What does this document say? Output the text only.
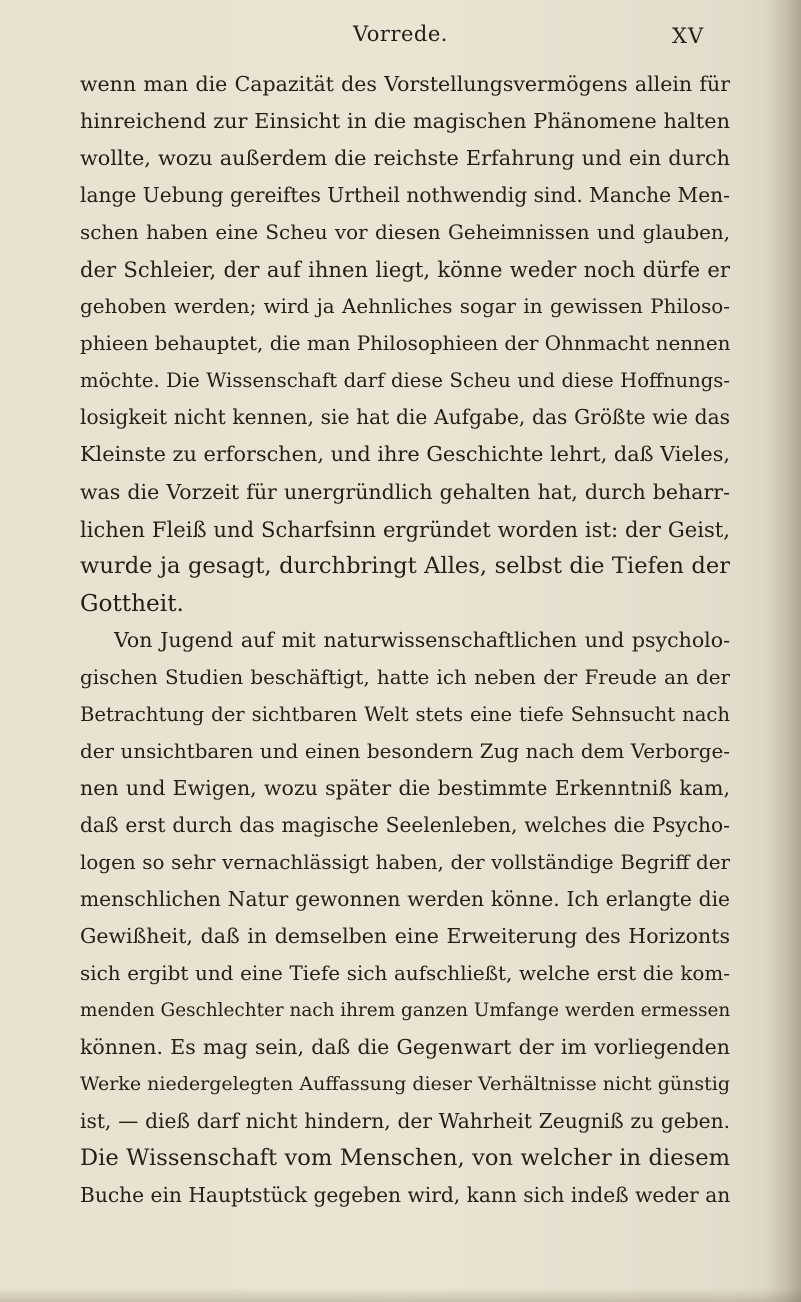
Vorrede.	XV
wenn man die Capazität des Vorstellungsvermögens allein für
hinreichend zur Einsicht in die magischen Phänomene halten
wollte, wozu außerdem die reichste Erfahrung und ein durch
lange Uebung gereiftes Urtheil nothwendig sind. Manche Men-
schen haben eine Scheu vor diesen Geheimnissen und glauben,
der Schleier, der auf ihnen liegt, könne weder noch dürfe er
gehoben werden; wird ja Aehnliches sogar in gewissen Philoso-
phieen behauptet, die man Philosophieen der Ohnmacht nennen
möchte. Die Wissenschaft darf diese Scheu und diese Hoffnungs-
losigkeit nicht kennen, sie hat die Aufgabe, das Größte wie das
Kleinste zu erforschen, und ihre Geschichte lehrt, daß Vieles,
was die Vorzeit für unergründlich gehalten hat, durch beharr-
lichen Fleiß und Scharfsinn ergründet worden ist: der Geist,
wurde ja gesagt, durchbringt Alles, selbst die Tiefen der
Gottheit.
Von Jugend auf mit naturwissenschaftlichen und psycholo-
gischen Studien beschäftigt, hatte ich neben der Freude an der
Betrachtung der sichtbaren Welt stets eine tiefe Sehnsucht nach
der unsichtbaren und einen besondern Zug nach dem Verborge-
nen und Ewigen, wozu später die bestimmte Erkenntniß kam,
daß erst durch das magische Seelenleben, welches die Psycho-
logen so sehr vernachlässigt haben, der vollständige Begriff der
menschlichen Natur gewonnen werden könne. Ich erlangte die
Gewißheit, daß in demselben eine Erweiterung des Horizonts
sich ergibt und eine Tiefe sich aufschließt, welche erst die kom-
menden Geschlechter nach ihrem ganzen Umfange werden ermessen
können. Es mag sein, daß die Gegenwart der im vorliegenden
Werke niedergelegten Auffassung dieser Verhältnisse nicht günstig
ist, — dieß darf nicht hindern, der Wahrheit Zeugniß zu geben.
Die Wissenschaft vom Menschen, von welcher in diesem
Buche ein Hauptstück gegeben wird, kann sich indeß weder an
